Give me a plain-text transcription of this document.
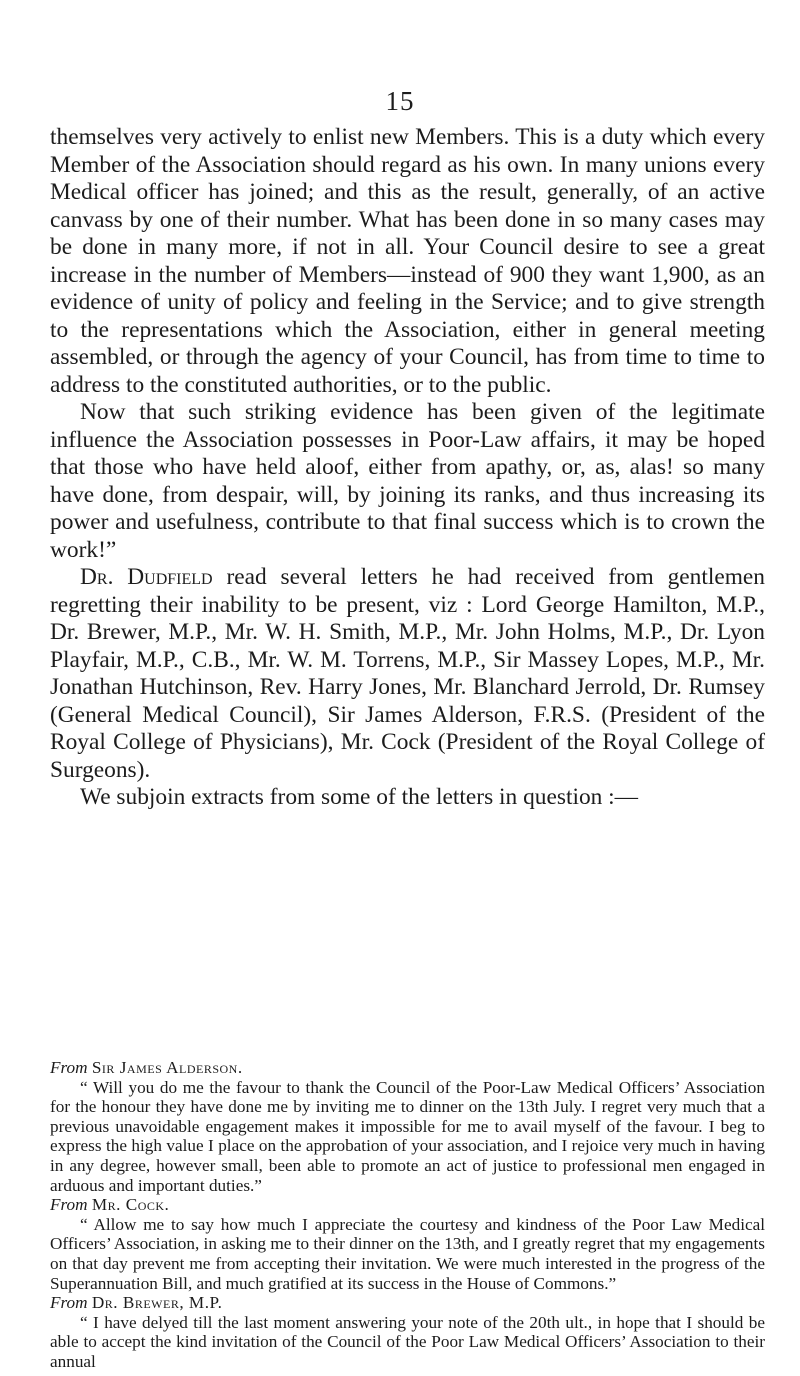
15

themselves very actively to enlist new Members. This is a duty which every Member of the Association should regard as his own. In many unions every Medical officer has joined; and this as the result, generally, of an active canvass by one of their number. What has been done in so many cases may be done in many more, if not in all. Your Council desire to see a great increase in the number of Members—instead of 900 they want 1,900, as an evidence of unity of policy and feeling in the Service; and to give strength to the representations which the Association, either in general meeting assembled, or through the agency of your Council, has from time to time to address to the constituted authorities, or to the public.

Now that such striking evidence has been given of the legitimate influence the Association possesses in Poor-Law affairs, it may be hoped that those who have held aloof, either from apathy, or, as, alas! so many have done, from despair, will, by joining its ranks, and thus increasing its power and usefulness, contribute to that final success which is to crown the work!”

Dr. Dudfield read several letters he had received from gentlemen regretting their inability to be present, viz : Lord George Hamilton, M.P., Dr. Brewer, M.P., Mr. W. H. Smith, M.P., Mr. John Holms, M.P., Dr. Lyon Playfair, M.P., C.B., Mr. W. M. Torrens, M.P., Sir Massey Lopes, M.P., Mr. Jonathan Hutchinson, Rev. Harry Jones, Mr. Blanchard Jerrold, Dr. Rumsey (General Medical Council), Sir James Alderson, F.R.S. (President of the Royal College of Physicians), Mr. Cock (President of the Royal College of Surgeons).

We subjoin extracts from some of the letters in question :—

From Sir James Alderson.

“ Will you do me the favour to thank the Council of the Poor-Law Medical Officers’ Association for the honour they have done me by inviting me to dinner on the 13th July. I regret very much that a previous unavoidable engagement makes it impossible for me to avail myself of the favour. I beg to express the high value I place on the approbation of your association, and I rejoice very much in having in any degree, however small, been able to promote an act of justice to professional men engaged in arduous and important duties.”

From Mr. Cock.

“ Allow me to say how much I appreciate the courtesy and kindness of the Poor Law Medical Officers’ Association, in asking me to their dinner on the 13th, and I greatly regret that my engagements on that day prevent me from accepting their invitation. We were much interested in the progress of the Superannuation Bill, and much gratified at its success in the House of Commons.”

From Dr. Brewer, M.P.

“ I have delyed till the last moment answering your note of the 20th ult., in hope that I should be able to accept the kind invitation of the Council of the Poor Law Medical Officers’ Association to their annual
